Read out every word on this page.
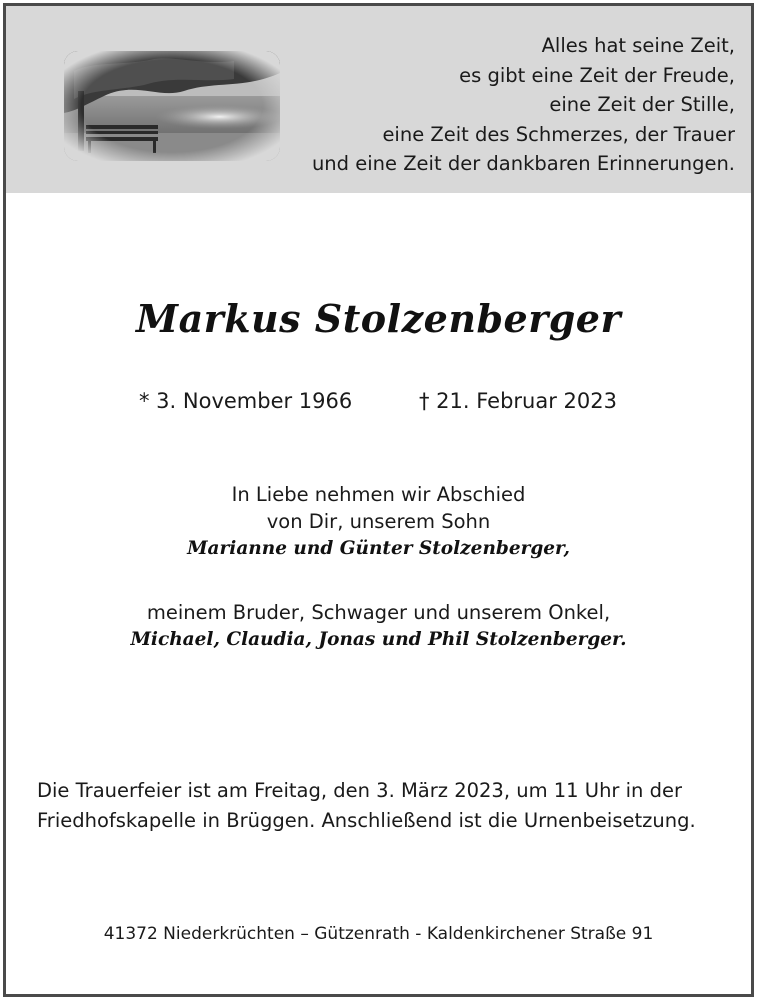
Alles hat seine Zeit,
es gibt eine Zeit der Freude,
eine Zeit der Stille,
eine Zeit des Schmerzes, der Trauer
und eine Zeit der dankbaren Erinnerungen.
Markus Stolzenberger
* 3. November 1966	† 21. Februar 2023
In Liebe nehmen wir Abschied
von Dir, unserem Sohn
Marianne und Günter Stolzenberger,
meinem Bruder, Schwager und unserem Onkel,
Michael, Claudia, Jonas und Phil Stolzenberger.
Die Trauerfeier ist am Freitag, den 3. März 2023, um 11 Uhr in der
Friedhofskapelle in Brüggen. Anschließend ist die Urnenbeisetzung.
41372 Niederkrüchten – Gützenrath - Kaldenkirchener Straße 91
